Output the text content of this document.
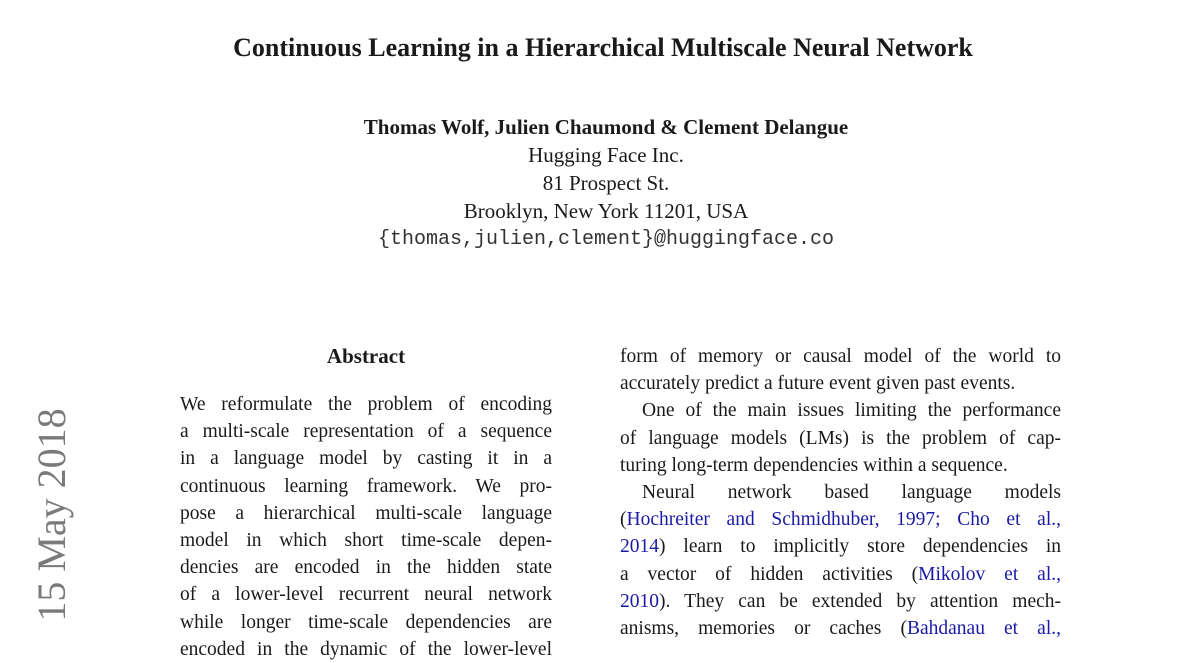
Continuous Learning in a Hierarchical Multiscale Neural Network
Thomas Wolf, Julien Chaumond & Clement Delangue
Hugging Face Inc.
81 Prospect St.
Brooklyn, New York 11201, USA
{thomas,julien,clement}@huggingface.co
15 May 2018
Abstract
We reformulate the problem of encoding
a multi-scale representation of a sequence
in a language model by casting it in a
continuous learning framework. We pro-
pose a hierarchical multi-scale language
model in which short time-scale depen-
dencies are encoded in the hidden state
of a lower-level recurrent neural network
while longer time-scale dependencies are
encoded in the dynamic of the lower-level
form of memory or causal model of the world to
accurately predict a future event given past events.
One of the main issues limiting the performance
of language models (LMs) is the problem of cap-
turing long-term dependencies within a sequence.
Neural network based language models
(Hochreiter and Schmidhuber, 1997; Cho et al.,
2014) learn to implicitly store dependencies in
a vector of hidden activities (Mikolov et al.,
2010). They can be extended by attention mech-
anisms, memories or caches (Bahdanau et al.,
